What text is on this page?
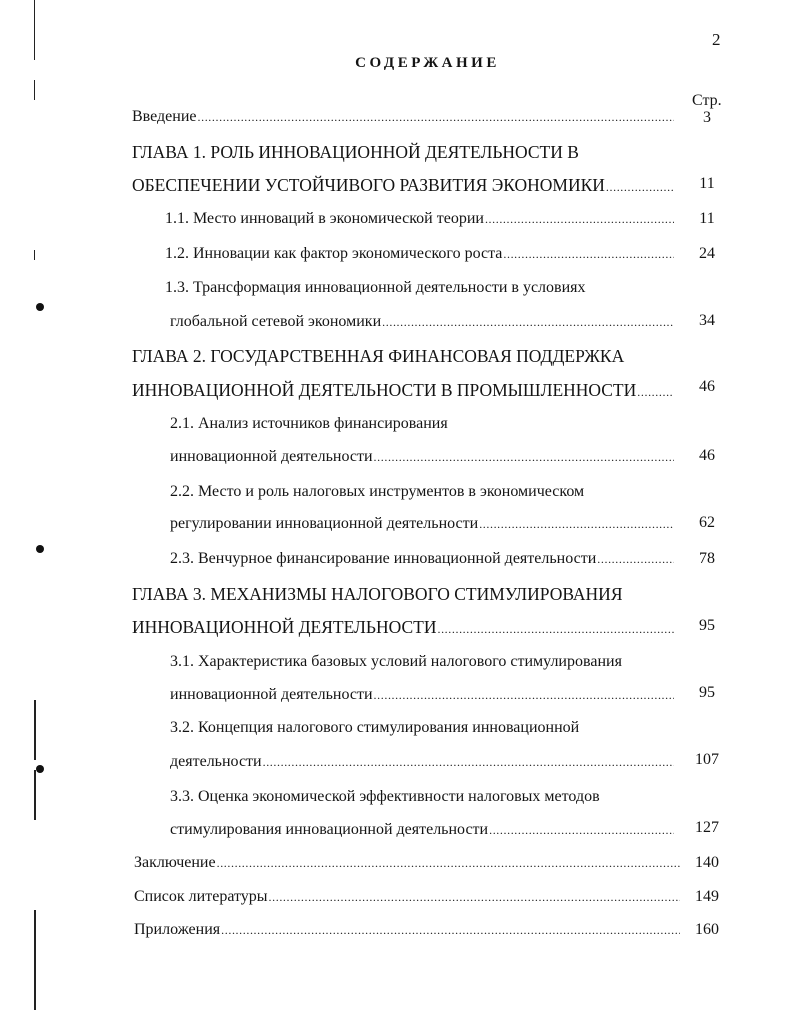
2
СОДЕРЖАНИЕ
Стр.
Введение .....	3
ГЛАВА 1. РОЛЬ ИННОВАЦИОННОЙ ДЕЯТЕЛЬНОСТИ В
ОБЕСПЕЧЕНИИ УСТОЙЧИВОГО РАЗВИТИЯ ЭКОНОМИКИ .....	11
1.1. Место инноваций в экономической теории .....	11
1.2. Инновации как фактор экономического роста .....	24
1.3. Трансформация инновационной деятельности в условиях
глобальной сетевой экономики .....	34
ГЛАВА 2. ГОСУДАРСТВЕННАЯ ФИНАНСОВАЯ ПОДДЕРЖКА
ИННОВАЦИОННОЙ ДЕЯТЕЛЬНОСТИ В ПРОМЫШЛЕННОСТИ .....	46
2.1. Анализ источников финансирования
инновационной деятельности .....	46
2.2. Место и роль налоговых инструментов в экономическом
регулировании инновационной деятельности .....	62
2.3. Венчурное финансирование инновационной деятельности .....	78
ГЛАВА 3. МЕХАНИЗМЫ НАЛОГОВОГО СТИМУЛИРОВАНИЯ
ИННОВАЦИОННОЙ ДЕЯТЕЛЬНОСТИ .....	95
3.1. Характеристика базовых условий налогового стимулирования
инновационной деятельности .....	95
3.2. Концепция налогового стимулирования инновационной
деятельности .....	107
3.3. Оценка экономической эффективности налоговых методов
стимулирования инновационной деятельности .....	127
Заключение .....	140
Список литературы .....	149
Приложения .....	160
